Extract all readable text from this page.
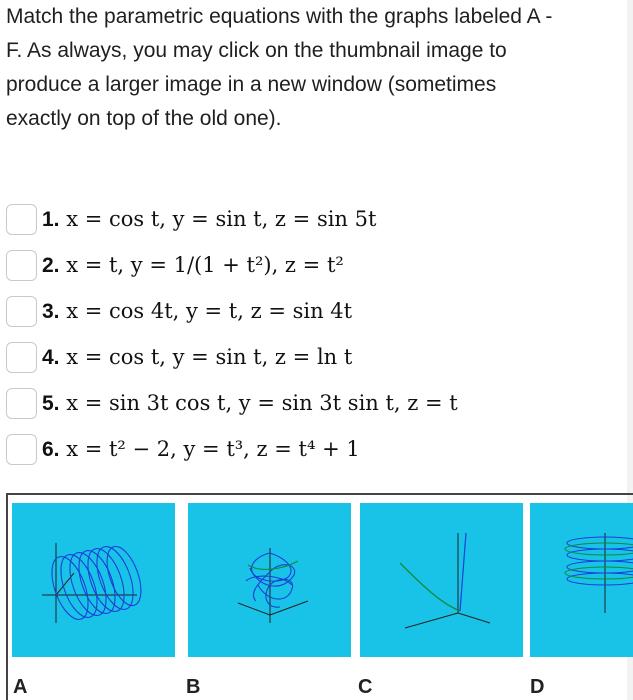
Match the parametric equations with the graphs labeled A - F. As always, you may click on the thumbnail image to produce a larger image in a new window (sometimes exactly on top of the old one).
1. x = cos t, y = sin t, z = sin 5t
2. x = t, y = 1/(1 + t²), z = t²
3. x = cos 4t, y = t, z = sin 4t
4. x = cos t, y = sin t, z = ln t
5. x = sin 3t cos t, y = sin 3t sin t, z = t
6. x = t² − 2, y = t³, z = t⁴ + 1
A	B	C	D
